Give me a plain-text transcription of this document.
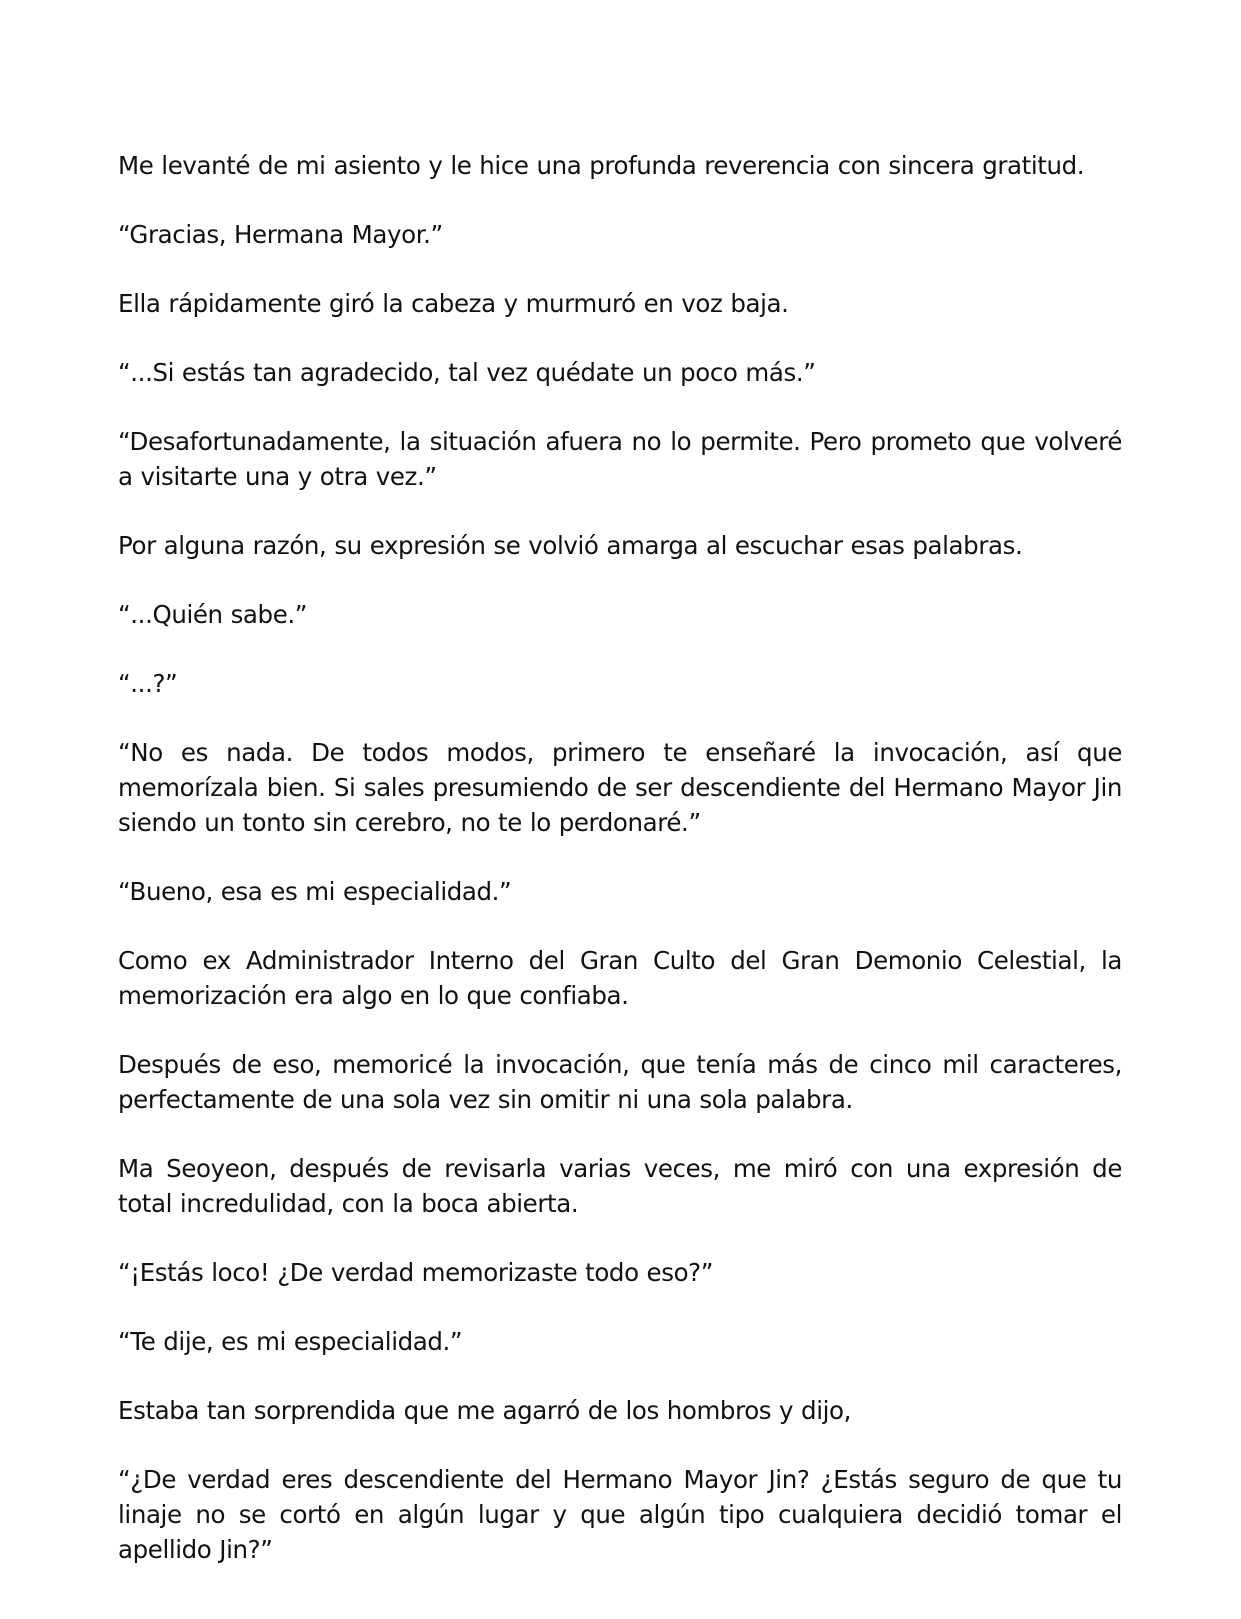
Me levanté de mi asiento y le hice una profunda reverencia con sincera gratitud.

“Gracias, Hermana Mayor.”

Ella rápidamente giró la cabeza y murmuró en voz baja.

“...Si estás tan agradecido, tal vez quédate un poco más.”

“Desafortunadamente, la situación afuera no lo permite. Pero prometo que volveré a visitarte una y otra vez.”

Por alguna razón, su expresión se volvió amarga al escuchar esas palabras.

“...Quién sabe.”

“...?”

“No es nada. De todos modos, primero te enseñaré la invocación, así que memorízala bien. Si sales presumiendo de ser descendiente del Hermano Mayor Jin siendo un tonto sin cerebro, no te lo perdonaré.”

“Bueno, esa es mi especialidad.”

Como ex Administrador Interno del Gran Culto del Gran Demonio Celestial, la memorización era algo en lo que confiaba.

Después de eso, memoricé la invocación, que tenía más de cinco mil caracteres, perfectamente de una sola vez sin omitir ni una sola palabra.

Ma Seoyeon, después de revisarla varias veces, me miró con una expresión de total incredulidad, con la boca abierta.

“¡Estás loco! ¿De verdad memorizaste todo eso?”

“Te dije, es mi especialidad.”

Estaba tan sorprendida que me agarró de los hombros y dijo,

“¿De verdad eres descendiente del Hermano Mayor Jin? ¿Estás seguro de que tu linaje no se cortó en algún lugar y que algún tipo cualquiera decidió tomar el apellido Jin?”
